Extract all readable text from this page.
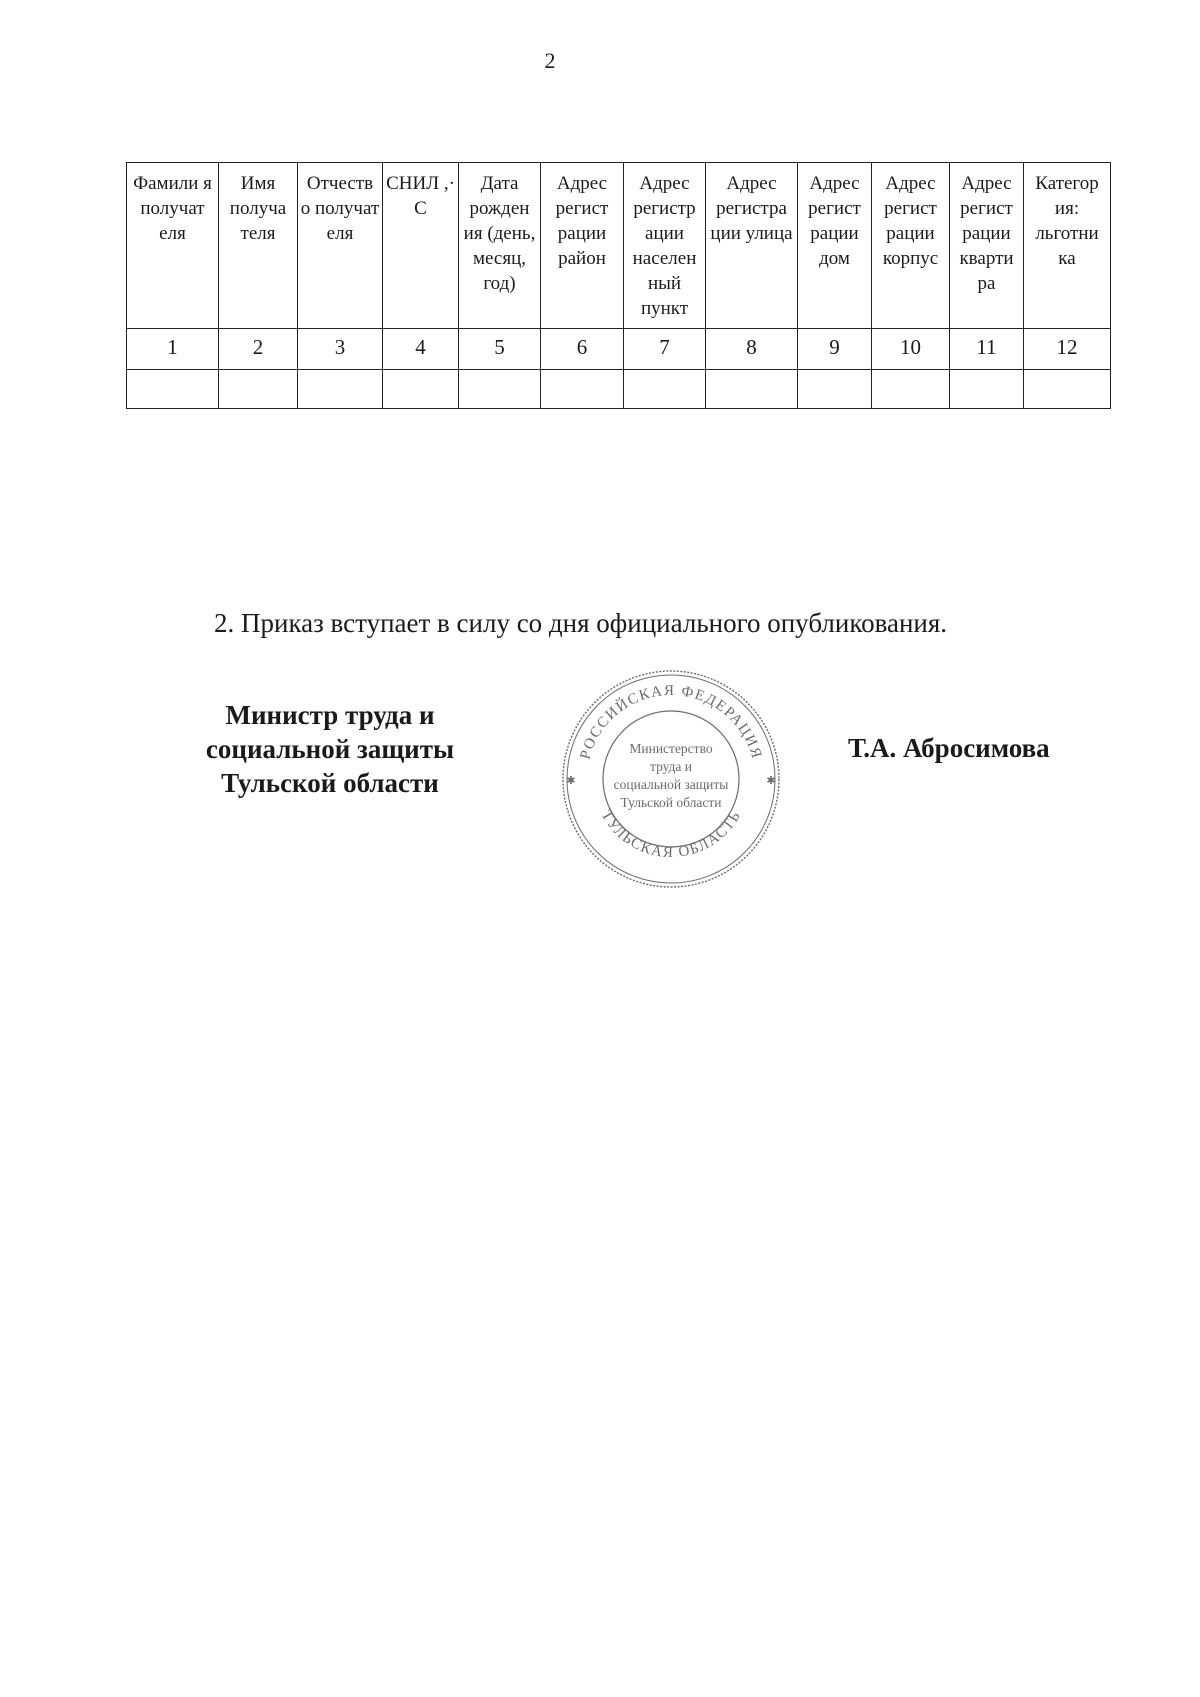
2
Фамили я получат еля	Имя получа теля	Отчеств о получат еля	СНИЛ ,· С	Дата рожден ия (день, месяц, год)	Адрес регист рации район	Адрес регистр ации населен ный пункт	Адрес регистра ции улица	Адрес регист рации дом	Адрес регист рации корпус	Адрес регист рации кварти ра	Категор ия: льготни ка
1	2	3	4	5	6	7	8	9	10	11	12

2. Приказ вступает в силу со дня официального опубликования.
Министр труда и
социальной защиты
Тульской области
РОССИЙСКАЯ ФЕДЕРАЦИЯ
ТУЛЬСКАЯ ОБЛАСТЬ
✱	✱
Министерство
труда и
социальной защиты
Тульской области
Т.А. Абросимова
